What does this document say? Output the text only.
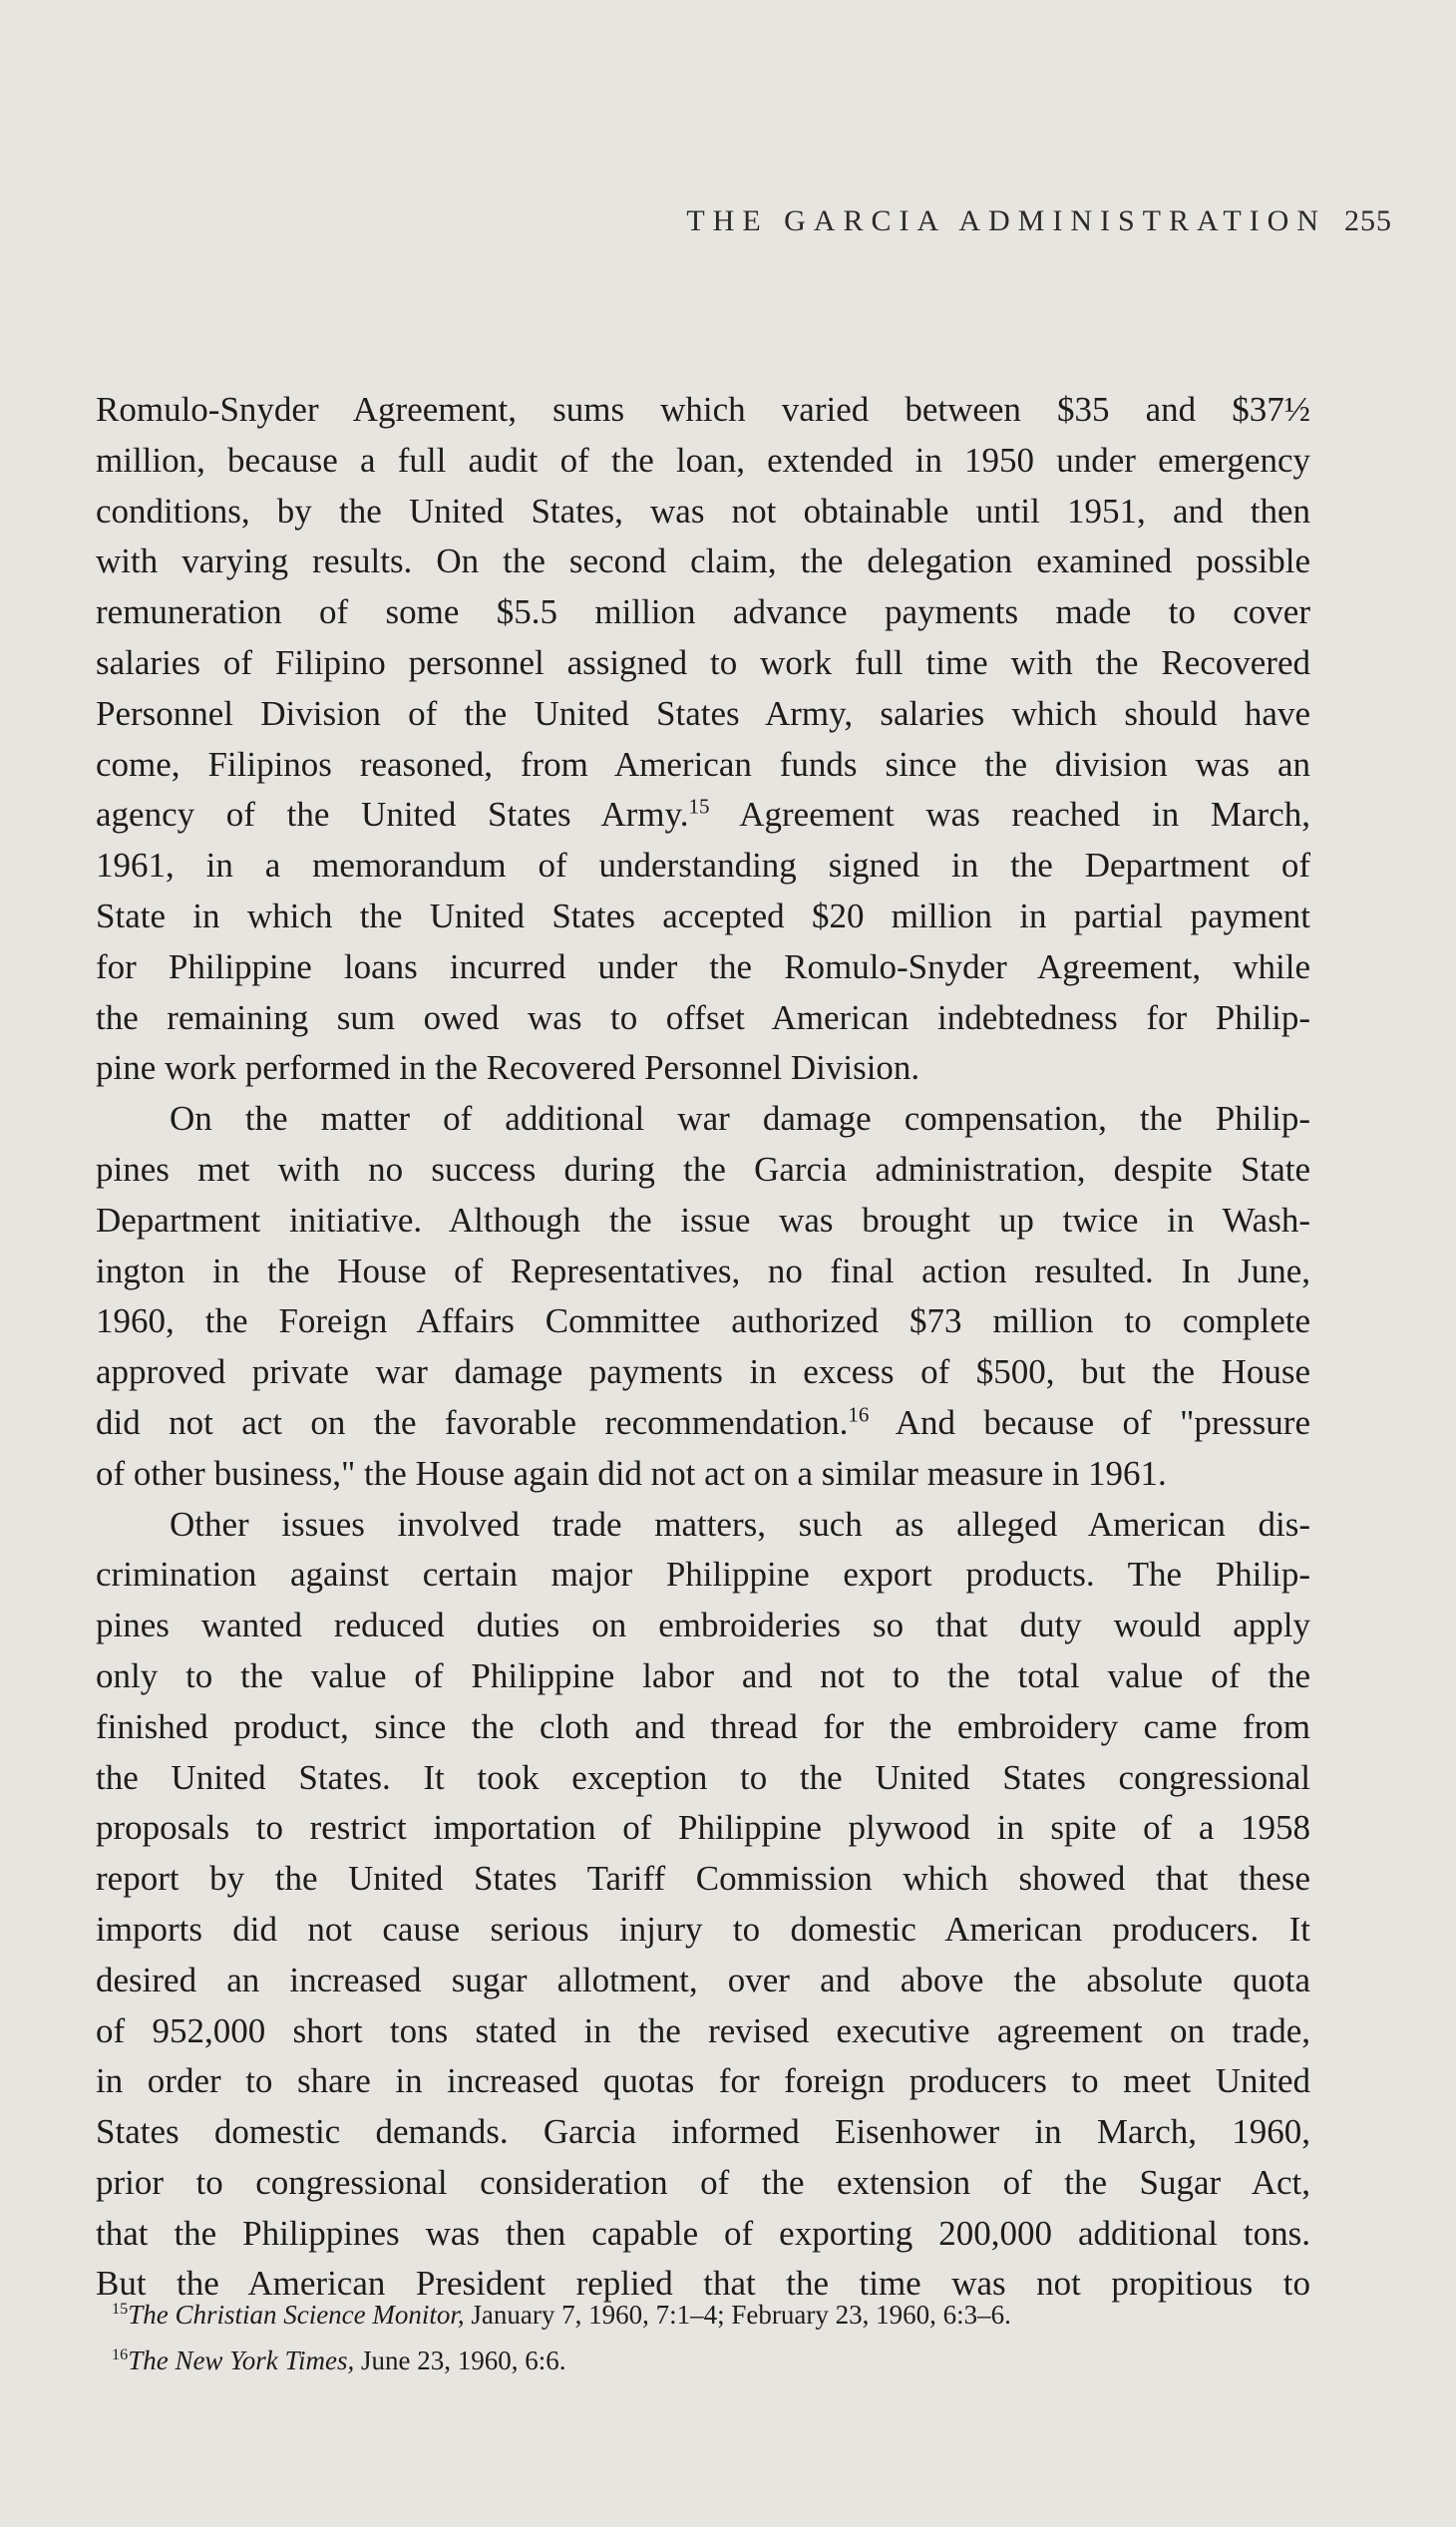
THE GARCIA ADMINISTRATION 255
Romulo-Snyder Agreement, sums which varied between $35 and $37½
million, because a full audit of the loan, extended in 1950 under emergency
conditions, by the United States, was not obtainable until 1951, and then
with varying results. On the second claim, the delegation examined possible
remuneration of some $5.5 million advance payments made to cover
salaries of Filipino personnel assigned to work full time with the Recovered
Personnel Division of the United States Army, salaries which should have
come, Filipinos reasoned, from American funds since the division was an
agency of the United States Army.$^{15}$ Agreement was reached in March,
1961, in a memorandum of understanding signed in the Department of
State in which the United States accepted $20 million in partial payment
for Philippine loans incurred under the Romulo-Snyder Agreement, while
the remaining sum owed was to offset American indebtedness for Philip-
pine work performed in the Recovered Personnel Division.
On the matter of additional war damage compensation, the Philip-
pines met with no success during the Garcia administration, despite State
Department initiative. Although the issue was brought up twice in Wash-
ington in the House of Representatives, no final action resulted. In June,
1960, the Foreign Affairs Committee authorized $73 million to complete
approved private war damage payments in excess of $500, but the House
did not act on the favorable recommendation.$^{16}$ And because of "pressure
of other business," the House again did not act on a similar measure in 1961.
Other issues involved trade matters, such as alleged American dis-
crimination against certain major Philippine export products. The Philip-
pines wanted reduced duties on embroideries so that duty would apply
only to the value of Philippine labor and not to the total value of the
finished product, since the cloth and thread for the embroidery came from
the United States. It took exception to the United States congressional
proposals to restrict importation of Philippine plywood in spite of a 1958
report by the United States Tariff Commission which showed that these
imports did not cause serious injury to domestic American producers. It
desired an increased sugar allotment, over and above the absolute quota
of 952,000 short tons stated in the revised executive agreement on trade,
in order to share in increased quotas for foreign producers to meet United
States domestic demands. Garcia informed Eisenhower in March, 1960,
prior to congressional consideration of the extension of the Sugar Act,
that the Philippines was then capable of exporting 200,000 additional tons.
But the American President replied that the time was not propitious to
$^{15}$The Christian Science Monitor, January 7, 1960, 7:1–4; February 23, 1960, 6:3–6.
$^{16}$The New York Times, June 23, 1960, 6:6.
